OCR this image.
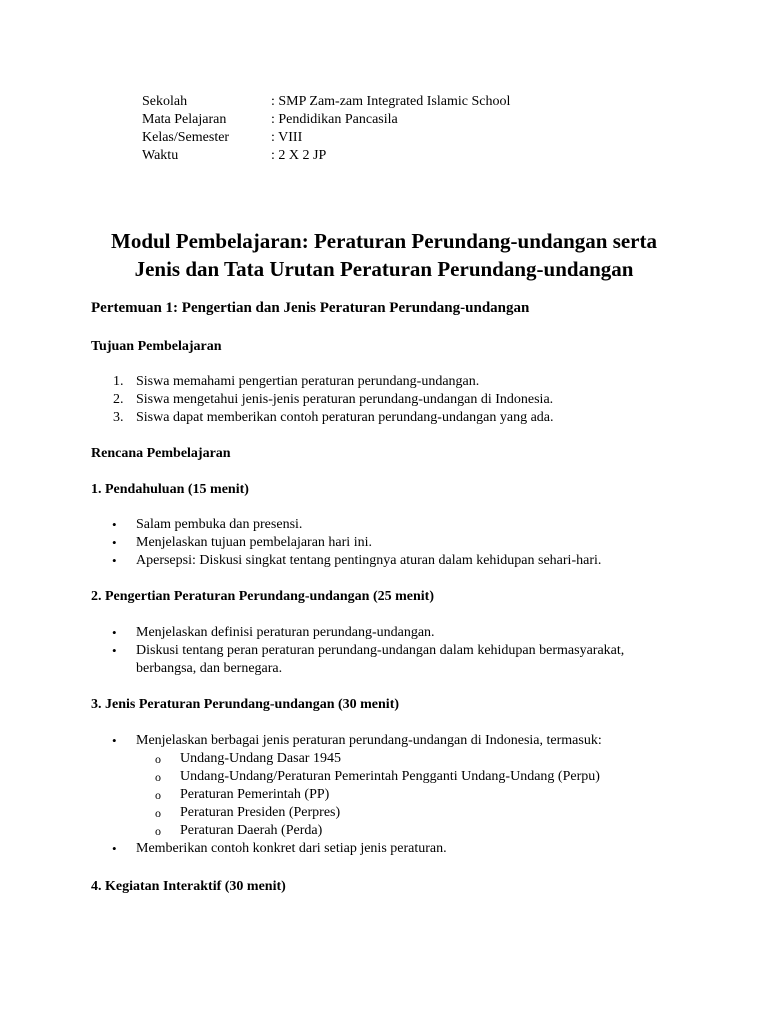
Sekolah	: SMP Zam-zam Integrated Islamic School
Mata Pelajaran	: Pendidikan Pancasila
Kelas/Semester	: VIII
Waktu	: 2 X 2 JP
Modul Pembelajaran: Peraturan Perundang-undangan serta
Jenis dan Tata Urutan Peraturan Perundang-undangan
Pertemuan 1: Pengertian dan Jenis Peraturan Perundang-undangan
Tujuan Pembelajaran
1. Siswa memahami pengertian peraturan perundang-undangan.
2. Siswa mengetahui jenis-jenis peraturan perundang-undangan di Indonesia.
3. Siswa dapat memberikan contoh peraturan perundang-undangan yang ada.
Rencana Pembelajaran
1. Pendahuluan (15 menit)
• Salam pembuka dan presensi.
• Menjelaskan tujuan pembelajaran hari ini.
• Apersepsi: Diskusi singkat tentang pentingnya aturan dalam kehidupan sehari-hari.
2. Pengertian Peraturan Perundang-undangan (25 menit)
• Menjelaskan definisi peraturan perundang-undangan.
• Diskusi tentang peran peraturan perundang-undangan dalam kehidupan bermasyarakat,
berbangsa, dan bernegara.
3. Jenis Peraturan Perundang-undangan (30 menit)
• Menjelaskan berbagai jenis peraturan perundang-undangan di Indonesia, termasuk:
o Undang-Undang Dasar 1945
o Undang-Undang/Peraturan Pemerintah Pengganti Undang-Undang (Perpu)
o Peraturan Pemerintah (PP)
o Peraturan Presiden (Perpres)
o Peraturan Daerah (Perda)
• Memberikan contoh konkret dari setiap jenis peraturan.
4. Kegiatan Interaktif (30 menit)
